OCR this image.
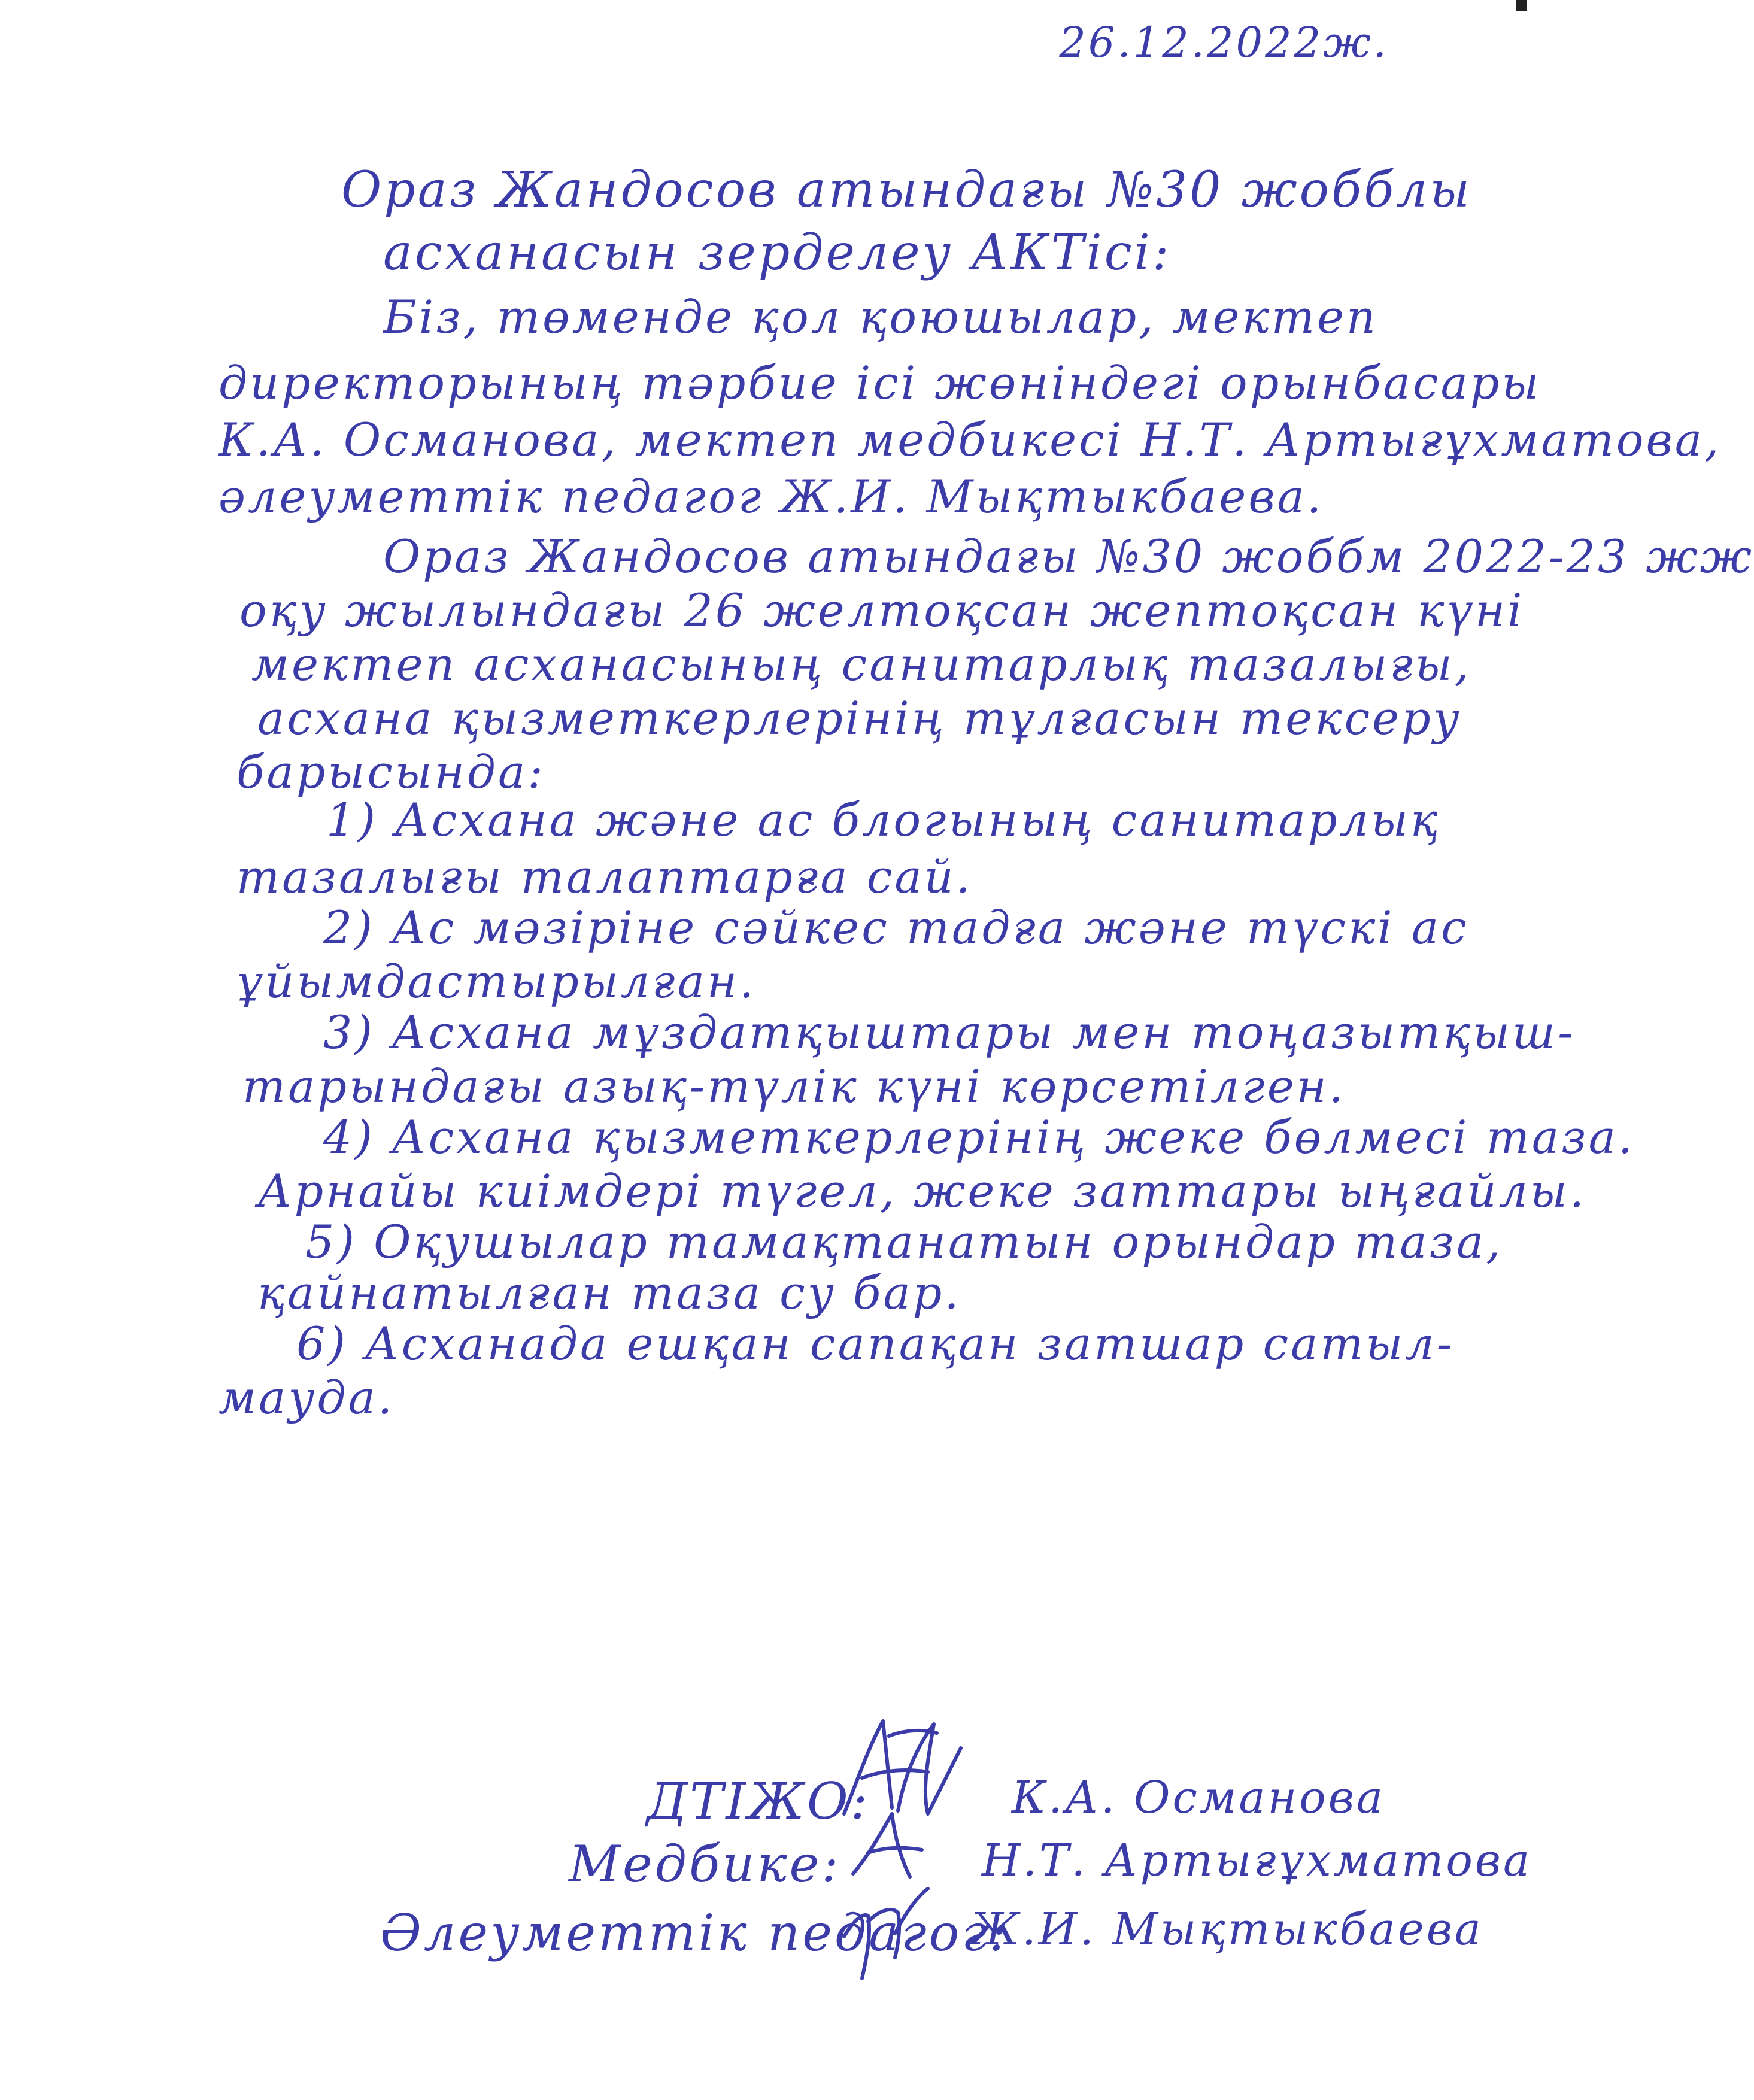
26.12.2022ж.
Ораз Жандосов атындағы №30 жобблы
асханасын зерделеу АКТісі:
Біз, төменде қол қоюшылар, мектеп
директорының тәрбие ісі жөніндегі орынбасары
К.А. Османова, мектеп медбикесі Н.Т. Артығұхматова,
әлеуметтік педагог Ж.И. Мықтыкбаева.
Ораз Жандосов атындағы №30 жоббм 2022-23 жж
оқу жылындағы 26 желтоқсан жептоқсан күні
мектеп асханасының санитарлық тазалығы,
асхана қызметкерлерінің тұлғасын тексеру
барысында:
1) Асхана және ас блогының санитарлық
тазалығы талаптарға сай.
2) Ас мәзіріне сәйкес тадға және түскі ас
ұйымдастырылған.
3) Асхана мұздатқыштары мен тоңазытқыш-
тарындағы азық-түлік күні көрсетілген.
4) Асхана қызметкерлерінің жеке бөлмесі таза.
Арнайы киімдері түгел, жеке заттары ыңғайлы.
5) Оқушылар тамақтанатын орындар таза,
қайнатылған таза су бар.
6) Асханада ешқан сапақан затшар сатыл-
мауда.
ДТІЖО:	К.А. Османова
Медбике:	Н.Т. Артығұхматова
Әлеуметтік педагог:
Ж.И. Мықтыкбаева
